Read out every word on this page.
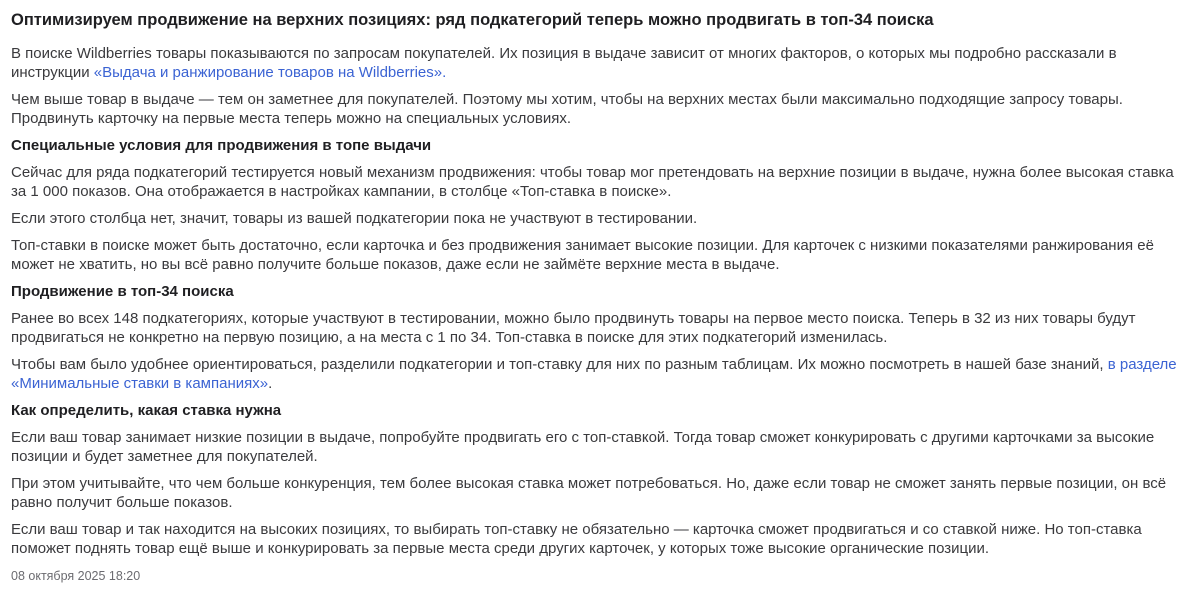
Оптимизируем продвижение на верхних позициях: ряд подкатегорий теперь можно продвигать в топ-34 поиска

В поиске Wildberries товары показываются по запросам покупателей. Их позиция в выдаче зависит от многих факторов, о которых мы подробно рассказали в инструкции «Выдача и ранжирование товаров на Wildberries».

Чем выше товар в выдаче — тем он заметнее для покупателей. Поэтому мы хотим, чтобы на верхних местах были максимально подходящие запросу товары. Продвинуть карточку на первые места теперь можно на специальных условиях.

Специальные условия для продвижения в топе выдачи

Сейчас для ряда подкатегорий тестируется новый механизм продвижения: чтобы товар мог претендовать на верхние позиции в выдаче, нужна более высокая ставка за 1 000 показов. Она отображается в настройках кампании, в столбце «Топ-ставка в поиске».

Если этого столбца нет, значит, товары из вашей подкатегории пока не участвуют в тестировании.

Топ-ставки в поиске может быть достаточно, если карточка и без продвижения занимает высокие позиции. Для карточек с низкими показателями ранжирования её может не хватить, но вы всё равно получите больше показов, даже если не займёте верхние места в выдаче.

Продвижение в топ-34 поиска

Ранее во всех 148 подкатегориях, которые участвуют в тестировании, можно было продвинуть товары на первое место поиска. Теперь в 32 из них товары будут продвигаться не конкретно на первую позицию, а на места с 1 по 34. Топ-ставка в поиске для этих подкатегорий изменилась.

Чтобы вам было удобнее ориентироваться, разделили подкатегории и топ-ставку для них по разным таблицам. Их можно посмотреть в нашей базе знаний, в разделе «Минимальные ставки в кампаниях».

Как определить, какая ставка нужна

Если ваш товар занимает низкие позиции в выдаче, попробуйте продвигать его с топ-ставкой. Тогда товар сможет конкурировать с другими карточками за высокие позиции и будет заметнее для покупателей.

При этом учитывайте, что чем больше конкуренция, тем более высокая ставка может потребоваться. Но, даже если товар не сможет занять первые позиции, он всё равно получит больше показов.

Если ваш товар и так находится на высоких позициях, то выбирать топ-ставку не обязательно — карточка сможет продвигаться и со ставкой ниже. Но топ-ставка поможет поднять товар ещё выше и конкурировать за первые места среди других карточек, у которых тоже высокие органические позиции.

08 октября 2025 18:20
